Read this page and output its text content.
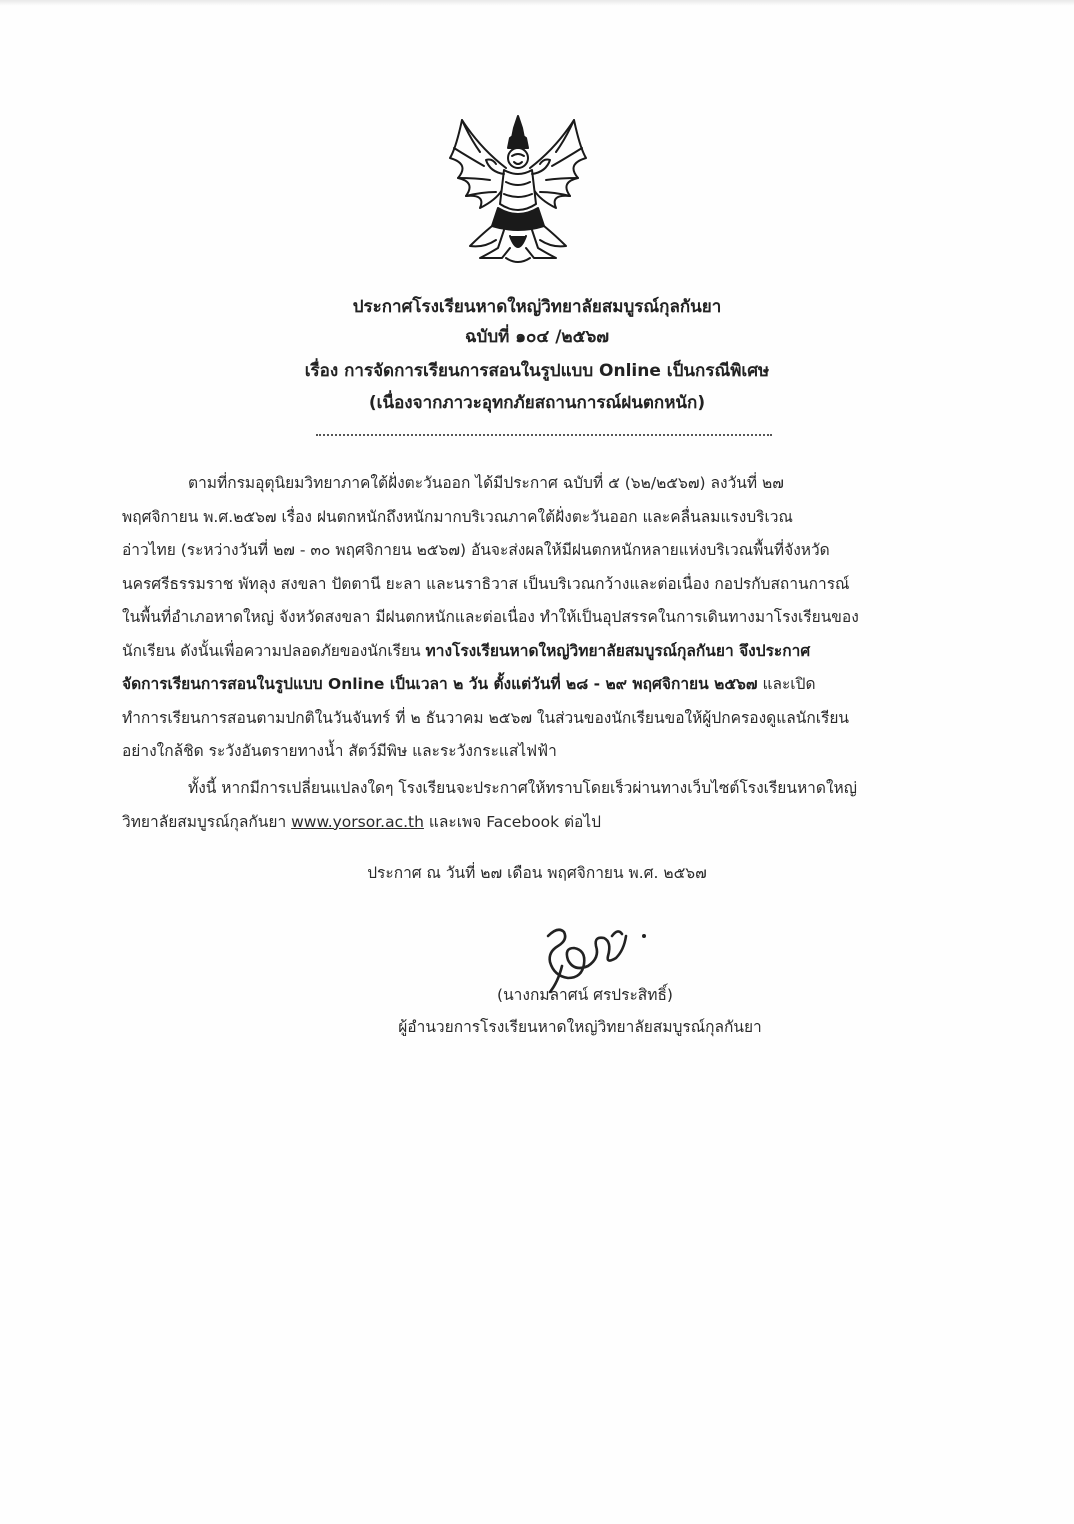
ประกาศโรงเรียนหาดใหญ่วิทยาลัยสมบูรณ์กุลกันยา
ฉบับที่ ๑๐๔ /๒๕๖๗
เรื่อง การจัดการเรียนการสอนในรูปแบบ Online เป็นกรณีพิเศษ
(เนื่องจากภาวะอุทกภัยสถานการณ์ฝนตกหนัก)
ตามที่กรมอุตุนิยมวิทยาภาคใต้ฝั่งตะวันออก ได้มีประกาศ ฉบับที่ ๕ (๖๒/๒๕๖๗) ลงวันที่ ๒๗
พฤศจิกายน พ.ศ.๒๕๖๗ เรื่อง ฝนตกหนักถึงหนักมากบริเวณภาคใต้ฝั่งตะวันออก และคลื่นลมแรงบริเวณ
อ่าวไทย (ระหว่างวันที่ ๒๗ - ๓๐ พฤศจิกายน ๒๕๖๗) อันจะส่งผลให้มีฝนตกหนักหลายแห่งบริเวณพื้นที่จังหวัด
นครศรีธรรมราช พัทลุง สงขลา ปัตตานี ยะลา และนราธิวาส เป็นบริเวณกว้างและต่อเนื่อง กอปรกับสถานการณ์
ในพื้นที่อำเภอหาดใหญ่ จังหวัดสงขลา มีฝนตกหนักและต่อเนื่อง ทำให้เป็นอุปสรรคในการเดินทางมาโรงเรียนของ
นักเรียน ดังนั้นเพื่อความปลอดภัยของนักเรียน ทางโรงเรียนหาดใหญ่วิทยาลัยสมบูรณ์กุลกันยา จึงประกาศ
จัดการเรียนการสอนในรูปแบบ Online เป็นเวลา ๒ วัน ตั้งแต่วันที่ ๒๘ - ๒๙ พฤศจิกายน ๒๕๖๗ และเปิด
ทำการเรียนการสอนตามปกติในวันจันทร์ ที่ ๒ ธันวาคม ๒๕๖๗ ในส่วนของนักเรียนขอให้ผู้ปกครองดูแลนักเรียน
อย่างใกล้ชิด ระวังอันตรายทางน้ำ สัตว์มีพิษ และระวังกระแสไฟฟ้า
ทั้งนี้ หากมีการเปลี่ยนแปลงใดๆ โรงเรียนจะประกาศให้ทราบโดยเร็วผ่านทางเว็บไซต์โรงเรียนหาดใหญ่
วิทยาลัยสมบูรณ์กุลกันยา www.yorsor.ac.th และเพจ Facebook ต่อไป
ประกาศ ณ วันที่ ๒๗ เดือน พฤศจิกายน พ.ศ. ๒๕๖๗
(นางกมลาศน์ ศรประสิทธิ์)
ผู้อำนวยการโรงเรียนหาดใหญ่วิทยาลัยสมบูรณ์กุลกันยา
